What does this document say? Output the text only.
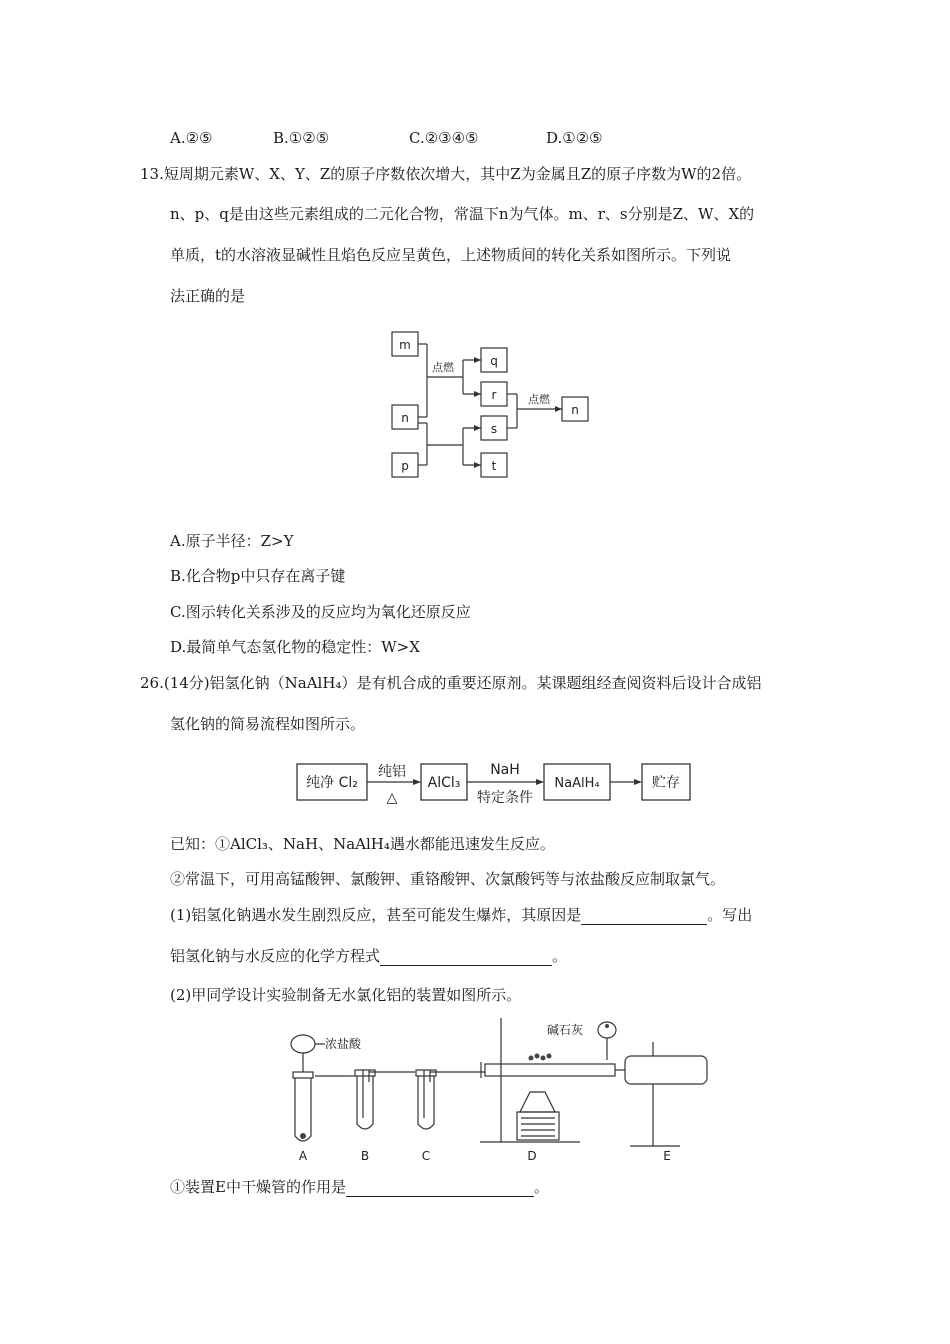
A.②⑤	B.①②⑤	C.②③④⑤	D.①②⑤
13.短周期元素W、X、Y、Z的原子序数依次增大，其中Z为金属且Z的原子序数为W的2倍。
n、p、q是由这些元素组成的二元化合物，常温下n为气体。m、r、s分别是Z、W、X的
单质，t的水溶液显碱性且焰色反应呈黄色，上述物质间的转化关系如图所示。下列说
法正确的是
m
n
p
q
r
s
t
n
点燃
点燃
A.原子半径：Z>Y
B.化合物p中只存在离子键
C.图示转化关系涉及的反应均为氧化还原反应
D.最简单气态氢化物的稳定性：W>X
26.(14分)铝氢化钠（NaAlH₄）是有机合成的重要还原剂。某课题组经查阅资料后设计合成铝
氢化钠的简易流程如图所示。
纯净 Cl₂
纯铝
△
AlCl₃
NaH
特定条件
NaAlH₄	贮存
已知：①AlCl₃、NaH、NaAlH₄遇水都能迅速发生反应。
②常温下，可用高锰酸钾、氯酸钾、重铬酸钾、次氯酸钙等与浓盐酸反应制取氯气。
(1)铝氢化钠遇水发生剧烈反应，甚至可能发生爆炸，其原因是	。写出
铝氢化钠与水反应的化学方程式	。
(2)甲同学设计实验制备无水氯化铝的装置如图所示。
浓盐酸
碱石灰
A	B	C	D	E
①装置E中干燥管的作用是	。
